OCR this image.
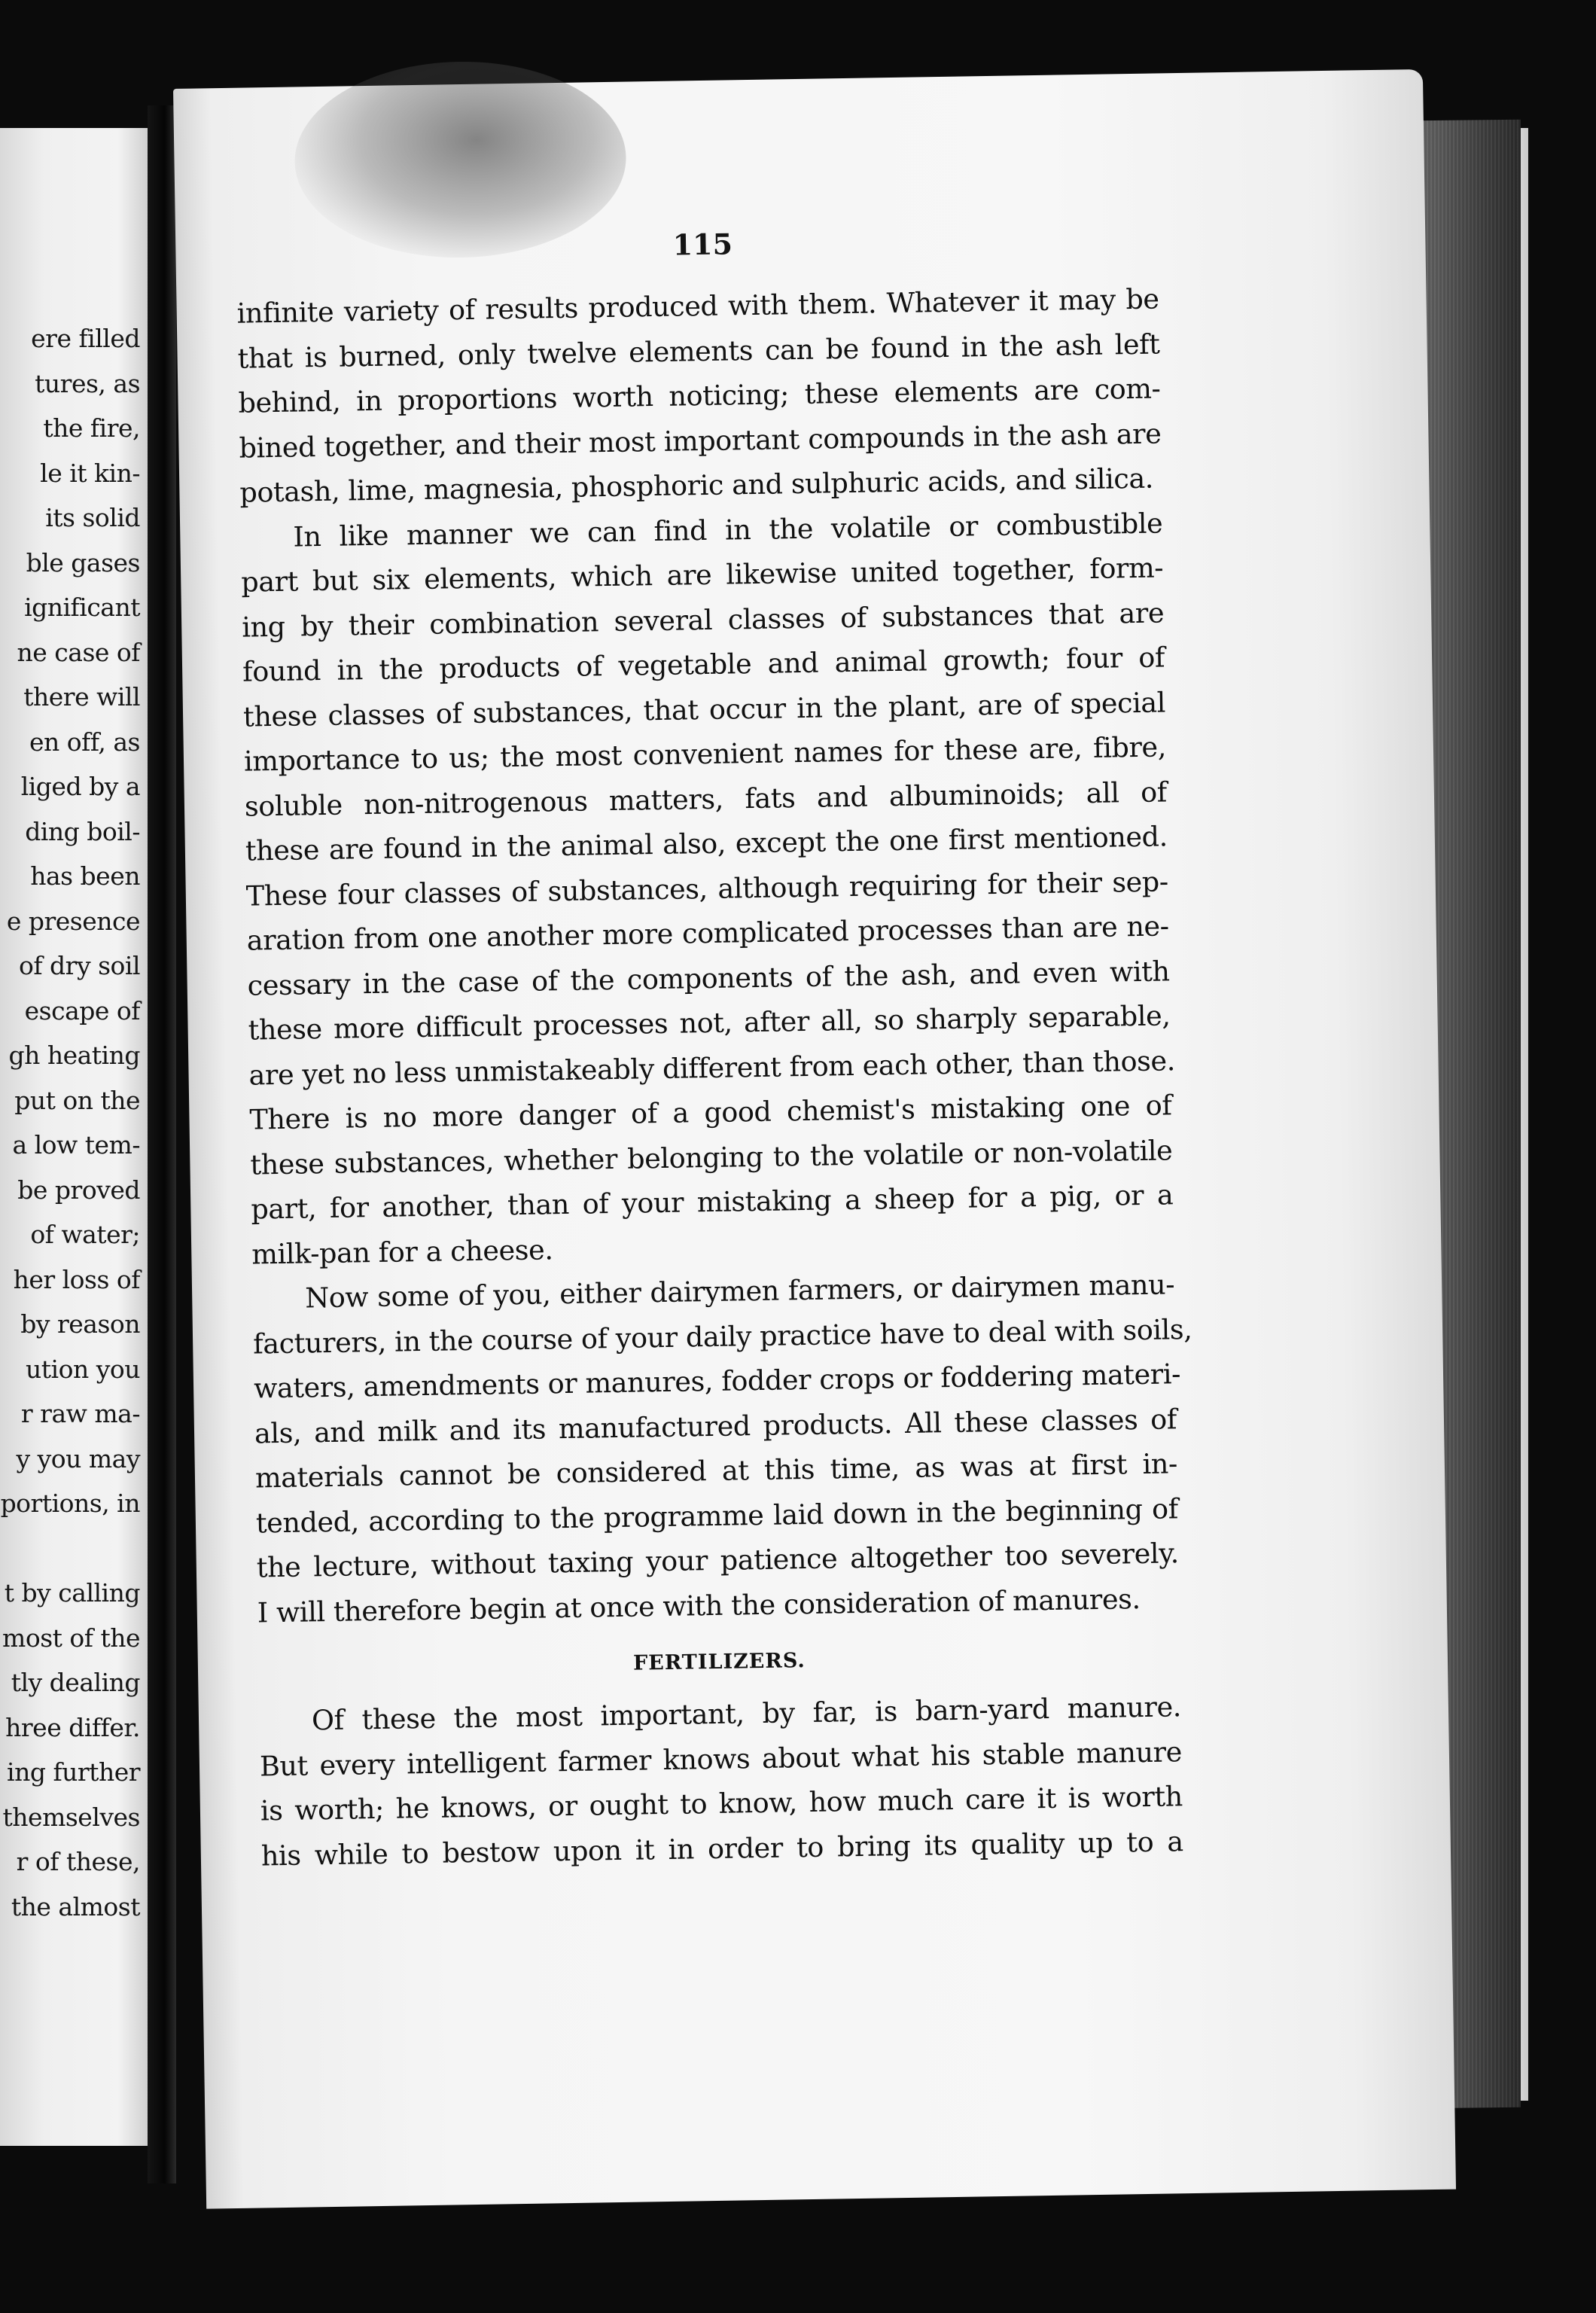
ere filled
tures, as
the fire,
le it kin-
its solid
ble gases
ignificant
ne case of
there will
en off, as
liged by a
ding boil-
has been
e presence
of dry soil
escape of
gh heating
put on the
a low tem-
be proved
of water;
her loss of
by reason
ution you
r raw ma-
y you may
portions, in
t by calling
most of the
tly dealing
hree differ.
ing further
themselves
r of these,
the almost
115
infinite variety of results produced with them. Whatever it may be
that is burned, only twelve elements can be found in the ash left
behind, in proportions worth noticing; these elements are com-
bined together, and their most important compounds in the ash are
potash, lime, magnesia, phosphoric and sulphuric acids, and silica.
In like manner we can find in the volatile or combustible
part but six elements, which are likewise united together, form-
ing by their combination several classes of substances that are
found in the products of vegetable and animal growth; four of
these classes of substances, that occur in the plant, are of special
importance to us; the most convenient names for these are, fibre,
soluble non-nitrogenous matters, fats and albuminoids; all of
these are found in the animal also, except the one first mentioned.
These four classes of substances, although requiring for their sep-
aration from one another more complicated processes than are ne-
cessary in the case of the components of the ash, and even with
these more difficult processes not, after all, so sharply separable,
are yet no less unmistakeably different from each other, than those.
There is no more danger of a good chemist's mistaking one of
these substances, whether belonging to the volatile or non-volatile
part, for another, than of your mistaking a sheep for a pig, or a
milk-pan for a cheese.
Now some of you, either dairymen farmers, or dairymen manu-
facturers, in the course of your daily practice have to deal with soils,
waters, amendments or manures, fodder crops or foddering materi-
als, and milk and its manufactured products. All these classes of
materials cannot be considered at this time, as was at first in-
tended, according to the programme laid down in the beginning of
the lecture, without taxing your patience altogether too severely.
I will therefore begin at once with the consideration of manures.
FERTILIZERS.
Of these the most important, by far, is barn-yard manure.
But every intelligent farmer knows about what his stable manure
is worth; he knows, or ought to know, how much care it is worth
his while to bestow upon it in order to bring its quality up to a
